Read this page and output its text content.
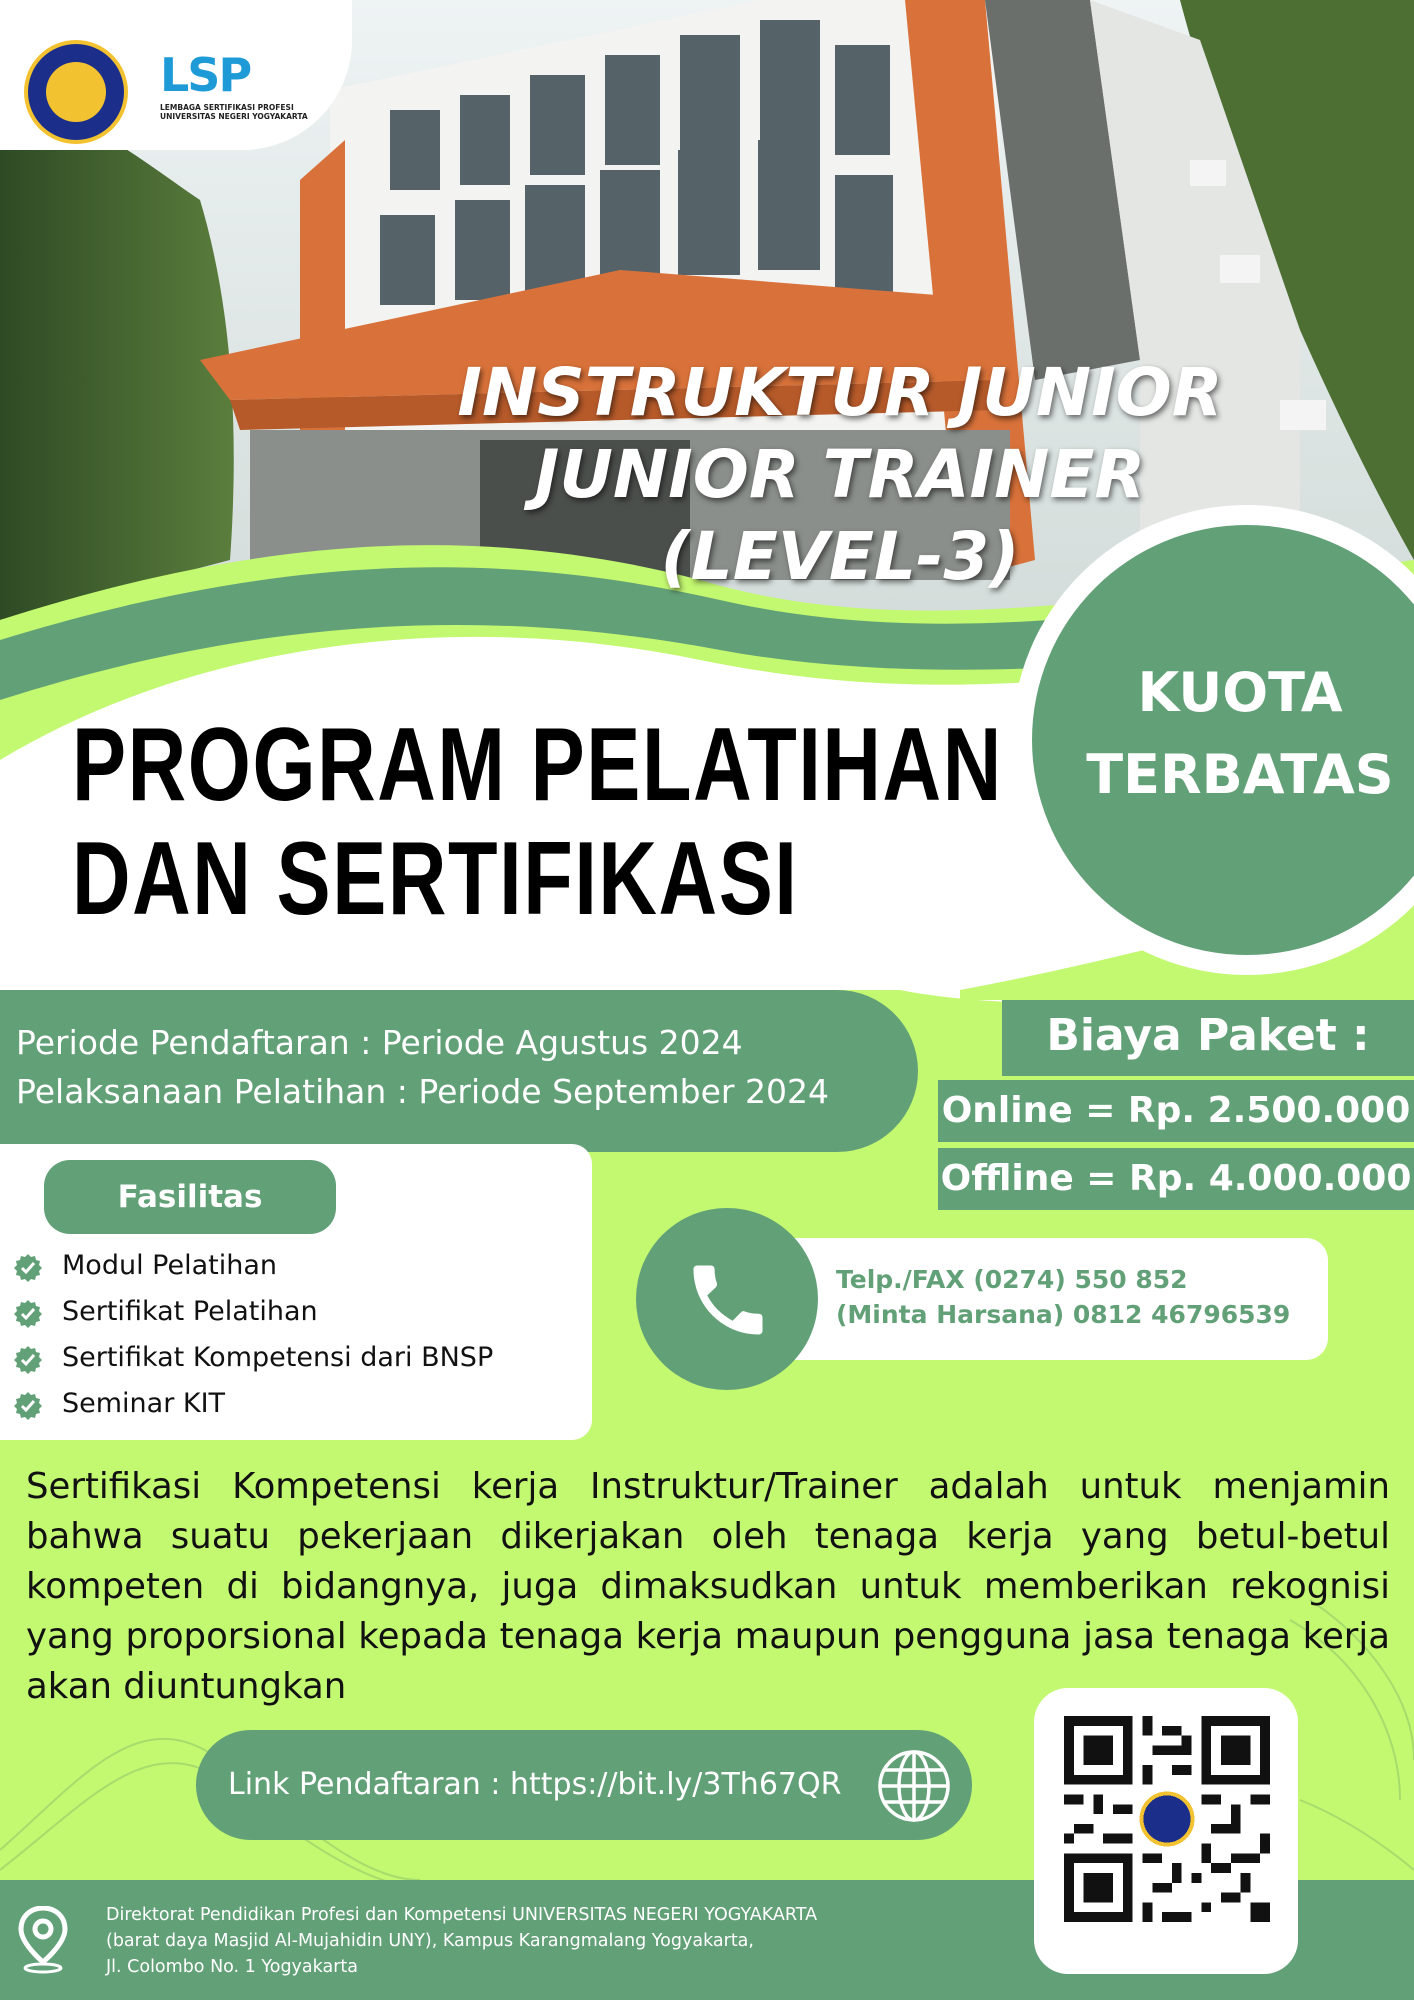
LSP
LEMBAGA SERTIFIKASI PROFESI
UNIVERSITAS NEGERI YOGYAKARTA
INSTRUKTUR JUNIOR
JUNIOR TRAINER
(LEVEL-3)
KUOTA
TERBATAS
PROGRAM PELATIHAN
DAN SERTIFIKASI
Periode Pendaftaran : Periode Agustus 2024
Pelaksanaan Pelatihan : Periode September 2024
Biaya Paket :
Online = Rp. 2.500.000
Offline = Rp. 4.000.000
Fasilitas
Modul Pelatihan
Sertifikat Pelatihan
Sertifikat Kompetensi dari BNSP
Seminar KIT
Telp./FAX (0274) 550 852
(Minta Harsana) 0812 46796539
Sertifikasi Kompetensi kerja Instruktur/Trainer adalah untuk menjamin bahwa suatu pekerjaan dikerjakan oleh tenaga kerja yang betul-betul kompeten di bidangnya, juga dimaksudkan untuk memberikan rekognisi yang proporsional kepada tenaga kerja maupun pengguna jasa tenaga kerja akan diuntungkan
Link Pendaftaran : https://bit.ly/3Th67QR
Direktorat Pendidikan Profesi dan Kompetensi UNIVERSITAS NEGERI YOGYAKARTA
(barat daya Masjid Al-Mujahidin UNY), Kampus Karangmalang Yogyakarta,
Jl. Colombo No. 1 Yogyakarta
